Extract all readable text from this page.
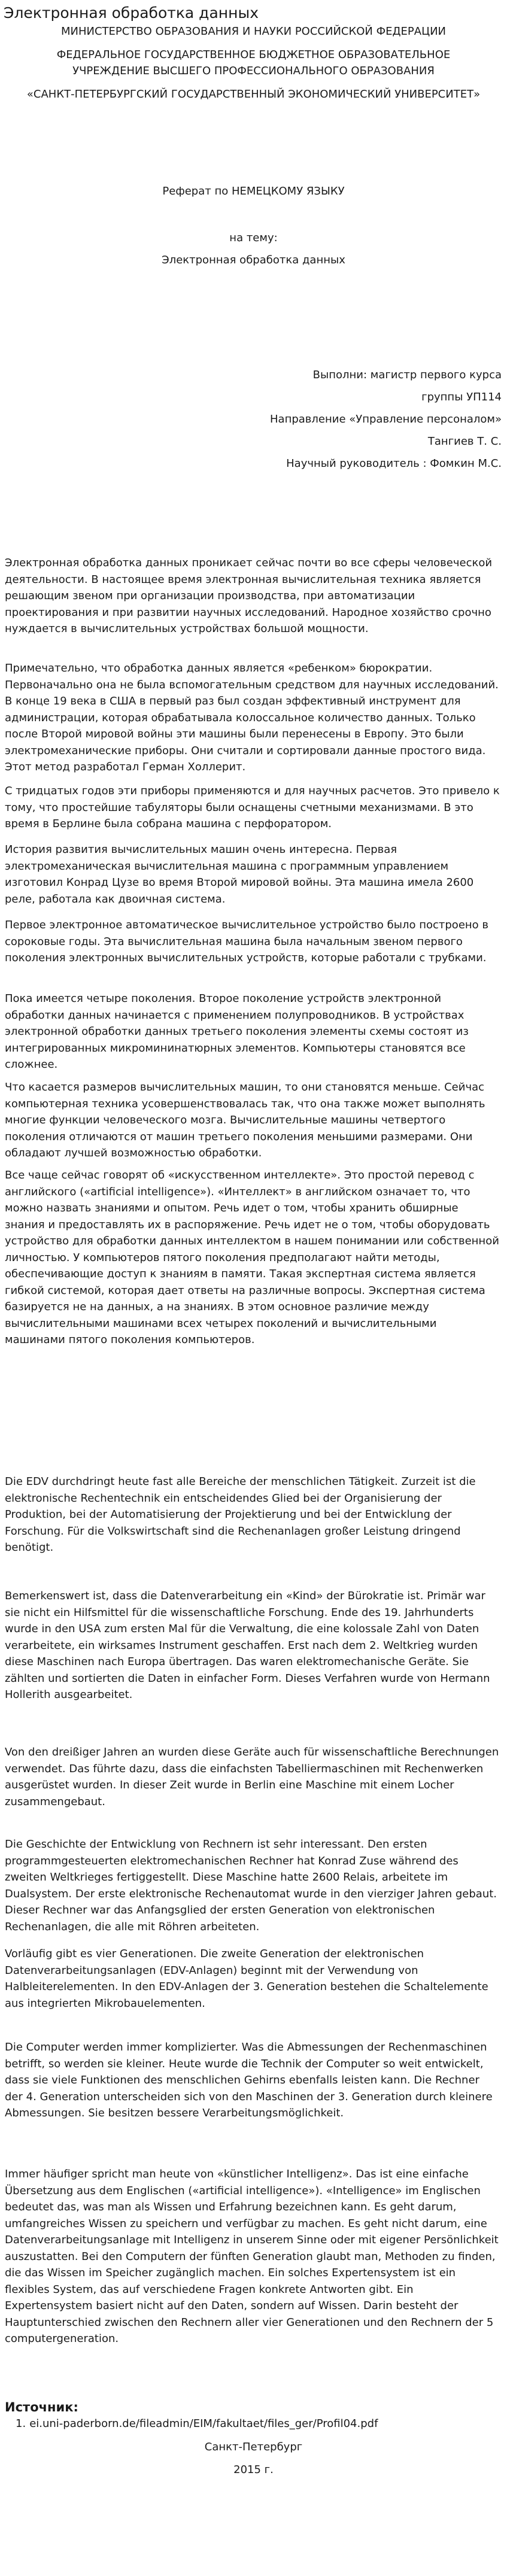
Электронная обработка данных

МИНИСТЕРСТВО ОБРАЗОВАНИЯ И НАУКИ РОССИЙСКОЙ ФЕДЕРАЦИИ

ФЕДЕРАЛЬНОЕ ГОСУДАРСТВЕННОЕ БЮДЖЕТНОЕ ОБРАЗОВАТЕЛЬНОЕ

УЧРЕЖДЕНИЕ ВЫСШЕГО ПРОФЕССИОНАЛЬНОГО ОБРАЗОВАНИЯ

«САНКТ-ПЕТЕРБУРГСКИЙ ГОСУДАРСТВЕННЫЙ ЭКОНОМИЧЕСКИЙ УНИВЕРСИТЕТ»

Реферат по НЕМЕЦКОМУ ЯЗЫКУ

на тему:

Электронная обработка данных

Выполни: магистр первого курса
группы УП114
Направление «Управление персоналом»
Тангиев Т. С.
Научный руководитель : Фомкин М.С.

Электронная обработка данных проникает сейчас почти во все сферы человеческой деятельности. В настоящее время электронная вычислительная техника является решающим звеном при организации производства, при автоматизации проектирования и при развитии научных исследований. Народное хозяйство срочно нуждается в вычислительных устройствах большой мощности.

Примечательно, что обработка данных является «ребенком» бюрократии. Первоначально она не была вспомогательным средством для научных исследований. В конце 19 века в США в первый раз был создан эффективный инструмент для администрации, которая обрабатывала колоссальное количество данных. Только после Второй мировой войны эти машины были перенесены в Европу. Это были электромеханические приборы. Они считали и сортировали данные простого вида. Этот метод разработал Герман Холлерит.

С тридцатых годов эти приборы применяются и для научных расчетов. Это привело к тому, что простейшие табуляторы были оснащены счетными механизмами. В это время в Берлине была собрана машина с перфоратором.

История развития вычислительных машин очень интересна. Первая электромеханическая вычислительная машина с программным управлением изготовил Конрад Цузе во время Второй мировой войны. Эта машина имела 2600 реле, работала как двоичная система.

Первое электронное автоматическое вычислительное устройство было построено в сороковые годы. Эта вычислительная машина была начальным звеном первого поколения электронных вычислительных устройств, которые работали с трубками.

Пока имеется четыре поколения. Второе поколение устройств электронной обработки данных начинается с применением полупроводников. В устройствах электронной обработки данных третьего поколения элементы схемы состоят из интегрированных микромининатюрных элементов. Компьютеры становятся все сложнее.

Что касается размеров вычислительных машин, то они становятся меньше. Сейчас компьютерная техника усовершенствовалась так, что она также может выполнять многие функции человеческого мозга. Вычислительные машины четвертого поколения отличаются от машин третьего поколения меньшими размерами. Они обладают лучшей возможностью обработки.

Все чаще сейчас говорят об «искусственном интеллекте». Это простой перевод с английского («artificial intelligence»). «Интеллект» в английском означает то, что можно назвать знаниями и опытом. Речь идет о том, чтобы хранить обширные знания и предоставлять их в распоряжение. Речь идет не о том, чтобы оборудовать устройство для обработки данных интеллектом в нашем понимании или собственной личностью. У компьютеров пятого поколения предполагают найти методы, обеспечивающие доступ к знаниям в памяти. Такая экспертная система является гибкой системой, которая дает ответы на различные вопросы. Экспертная система базируется не на данных, а на знаниях. В этом основное различие между вычислительными машинами всех четырех поколений и вычислительными машинами пятого поколения компьютеров.

Die EDV durchdringt heute fast alle Bereiche der menschlichen Tätigkeit. Zurzeit ist die elektronische Rechentechnik ein entscheidendes Glied bei der Organisierung der Produktion, bei der Automatisierung der Projektierung und bei der Entwicklung der Forschung. Für die Volkswirtschaft sind die Rechenanlagen großer Leistung dringend benötigt.

Bemerkenswert ist, dass die Datenverarbeitung ein «Kind» der Bürokratie ist. Primär war sie nicht ein Hilfsmittel für die wissenschaftliche Forschung. Ende des 19. Jahrhunderts wurde in den USA zum ersten Mal für die Verwaltung, die eine kolossale Zahl von Daten verarbeitete, ein wirksames Instrument geschaffen. Erst nach dem 2. Weltkrieg wurden diese Maschinen nach Europa übertragen. Das waren elektromechanische Geräte. Sie zählten und sortierten die Daten in einfacher Form. Dieses Verfahren wurde von Hermann Hollerith ausgearbeitet.

Von den dreißiger Jahren an wurden diese Geräte auch für wissenschaftliche Berechnungen verwendet. Das führte dazu, dass die einfachsten Tabelliermaschinen mit Rechenwerken ausgerüstet wurden. In dieser Zeit wurde in Berlin eine Maschine mit einem Locher zusammengebaut.

Die Geschichte der Entwicklung von Rechnern ist sehr interessant. Den ersten programmgesteuerten elektromechanischen Rechner hat Konrad Zuse während des zweiten Weltkrieges fertiggestellt. Diese Maschine hatte 2600 Relais, arbeitete im Dualsystem. Der erste elektronische Rechenautomat wurde in den vierziger Jahren gebaut. Dieser Rechner war das Anfangsglied der ersten Generation von elektronischen Rechenanlagen, die alle mit Röhren arbeiteten.

Vorläufig gibt es vier Generationen. Die zweite Generation der elektronischen Datenverarbeitungsanlagen (EDV-Anlagen) beginnt mit der Verwendung von Halbleiterelementen. In den EDV-Anlagen der 3. Generation bestehen die Schaltelemente aus integrierten Mikrobauelementen.

Die Computer werden immer komplizierter. Was die Abmessungen der Rechenmaschinen betrifft, so werden sie kleiner. Heute wurde die Technik der Computer so weit entwickelt, dass sie viele Funktionen des menschlichen Gehirns ebenfalls leisten kann. Die Rechner der 4. Generation unterscheiden sich von den Maschinen der 3. Generation durch kleinere Abmessungen. Sie besitzen bessere Verarbeitungsmöglichkeit.

Immer häufiger spricht man heute von «künstlicher Intelligenz». Das ist eine einfache Übersetzung aus dem Englischen («artificial intelligence»). «Intelligence» im Englischen bedeutet das, was man als Wissen und Erfahrung bezeichnen kann. Es geht darum, umfangreiches Wissen zu speichern und verfügbar zu machen. Es geht nicht darum, eine Datenverarbeitungsanlage mit Intelligenz in unserem Sinne oder mit eigener Persönlichkeit auszustatten. Bei den Computern der fünften Generation glaubt man, Methoden zu finden, die das Wissen im Speicher zugänglich machen. Ein solches Expertensystem ist ein flexibles System, das auf verschiedene Fragen konkrete Antworten gibt. Ein Expertensystem basiert nicht auf den Daten, sondern auf Wissen. Darin besteht der Hauptunterschied zwischen den Rechnern aller vier Generationen und den Rechnern der 5 computergeneration.

Источник:
1. ei.uni-paderborn.de/fileadmin/EIM/fakultaet/files_ger/Profil04.pdf

Санкт-Петербург

2015 г.
